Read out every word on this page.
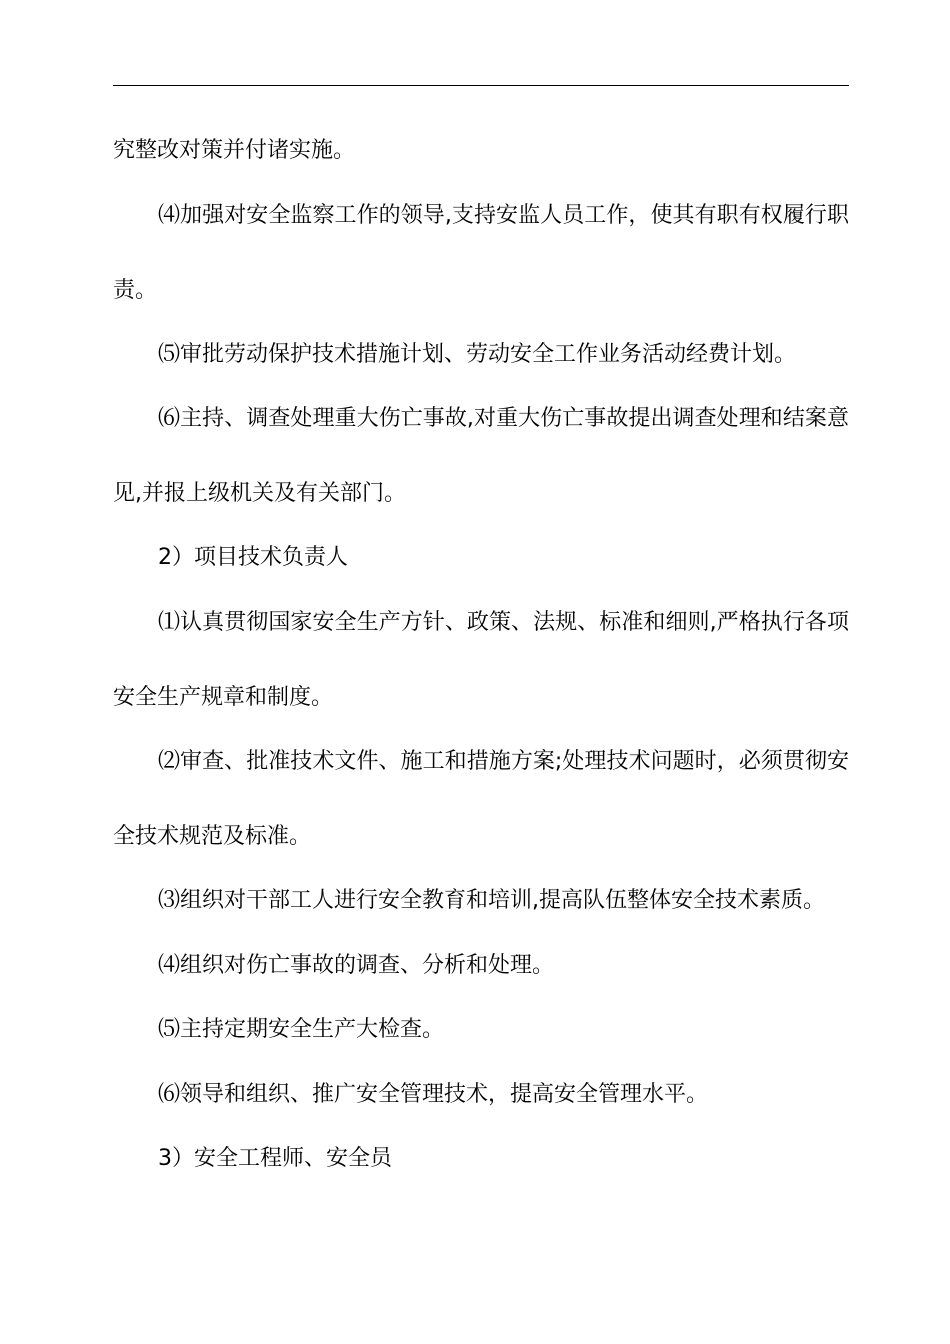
究整改对策并付诸实施。
⑷加强对安全监察工作的领导,支持安监人员工作，使其有职有权履行职
责。
⑸审批劳动保护技术措施计划、劳动安全工作业务活动经费计划。
⑹主持、调查处理重大伤亡事故,对重大伤亡事故提出调查处理和结案意
见,并报上级机关及有关部门。
2）项目技术负责人
⑴认真贯彻国家安全生产方针、政策、法规、标准和细则,严格执行各项
安全生产规章和制度。
⑵审查、批准技术文件、施工和措施方案;处理技术问题时，必须贯彻安
全技术规范及标准。
⑶组织对干部工人进行安全教育和培训,提高队伍整体安全技术素质。
⑷组织对伤亡事故的调查、分析和处理。
⑸主持定期安全生产大检查。
⑹领导和组织、推广安全管理技术，提高安全管理水平。
3）安全工程师、安全员
